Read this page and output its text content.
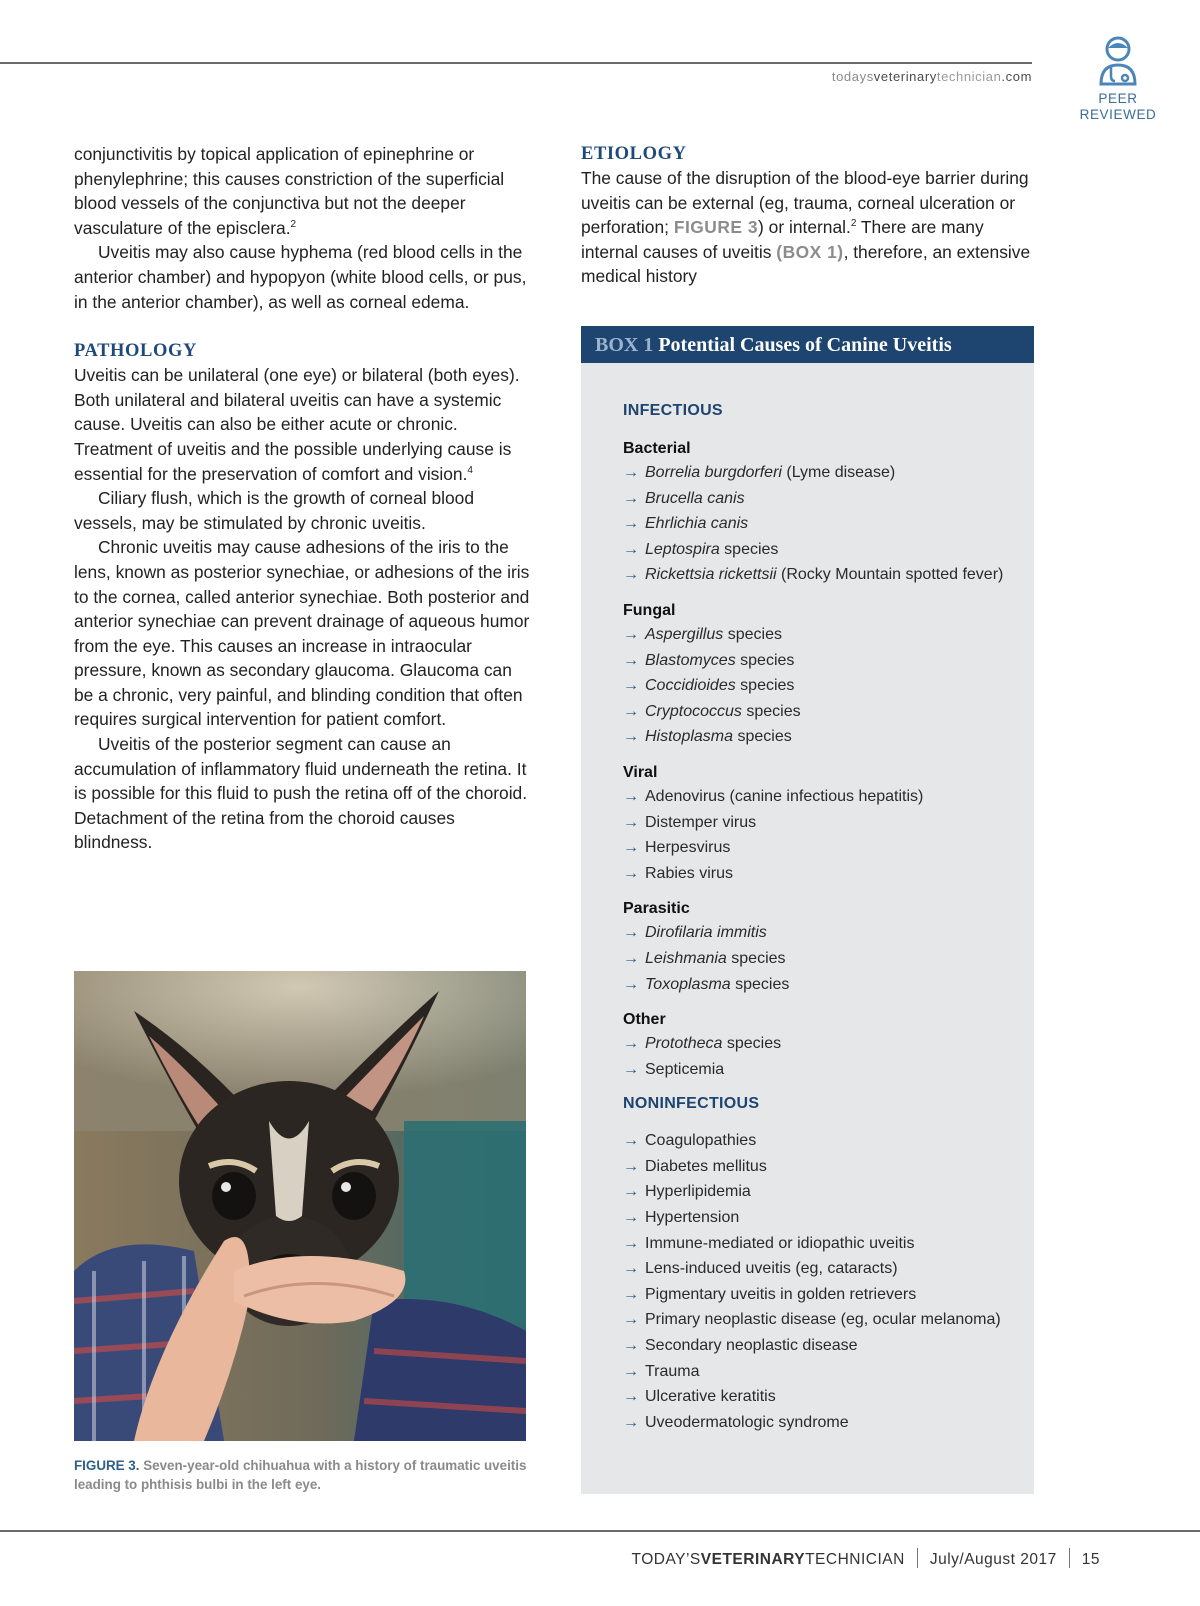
todaysveterinarytechnician.com
PEER
REVIEWED

conjunctivitis by topical application of epinephrine or phenylephrine; this causes constriction of the superficial blood vessels of the conjunctiva but not the deeper vasculature of the episclera.$^2$

Uveitis may also cause hyphema (red blood cells in the anterior chamber) and hypopyon (white blood cells, or pus, in the anterior chamber), as well as corneal edema.

PATHOLOGY

Uveitis can be unilateral (one eye) or bilateral (both eyes). Both unilateral and bilateral uveitis can have a systemic cause. Uveitis can also be either acute or chronic. Treatment of uveitis and the possible underlying cause is essential for the preservation of comfort and vision.$^4$

Ciliary flush, which is the growth of corneal blood vessels, may be stimulated by chronic uveitis.

Chronic uveitis may cause adhesions of the iris to the lens, known as posterior synechiae, or adhesions of the iris to the cornea, called anterior synechiae. Both posterior and anterior synechiae can prevent drainage of aqueous humor from the eye. This causes an increase in intraocular pressure, known as secondary glaucoma. Glaucoma can be a chronic, very painful, and blinding condition that often requires surgical intervention for patient comfort.

Uveitis of the posterior segment can cause an accumulation of inflammatory fluid underneath the retina. It is possible for this fluid to push the retina off of the choroid. Detachment of the retina from the choroid causes blindness.

FIGURE 3. Seven-year-old chihuahua with a history of traumatic uveitis leading to phthisis bulbi in the left eye.
ETIOLOGY

The cause of the disruption of the blood-eye barrier during uveitis can be external (eg, trauma, corneal ulceration or perforation; FIGURE 3) or internal.$^2$ There are many internal causes of uveitis (BOX 1), therefore, an extensive medical history

BOX 1 Potential Causes of Canine Uveitis
INFECTIOUS
Bacterial
→ Borrelia burgdorferi (Lyme disease)
→ Brucella canis
→ Ehrlichia canis
→ Leptospira species
→ Rickettsia rickettsii (Rocky Mountain spotted fever)
Fungal
→ Aspergillus species
→ Blastomyces species
→ Coccidioides species
→ Cryptococcus species
→ Histoplasma species
Viral
→ Adenovirus (canine infectious hepatitis)
→ Distemper virus
→ Herpesvirus
→ Rabies virus
Parasitic
→ Dirofilaria immitis
→ Leishmania species
→ Toxoplasma species
Other
→ Prototheca species
→ Septicemia
NONINFECTIOUS
→ Coagulopathies
→ Diabetes mellitus
→ Hyperlipidemia
→ Hypertension
→ Immune-mediated or idiopathic uveitis
→ Lens-induced uveitis (eg, cataracts)
→ Pigmentary uveitis in golden retrievers
→ Primary neoplastic disease (eg, ocular melanoma)
→ Secondary neoplastic disease
→ Trauma
→ Ulcerative keratitis
→ Uveodermatologic syndrome
TODAY’SVETERINARYTECHNICIAN July/August 2017 15
